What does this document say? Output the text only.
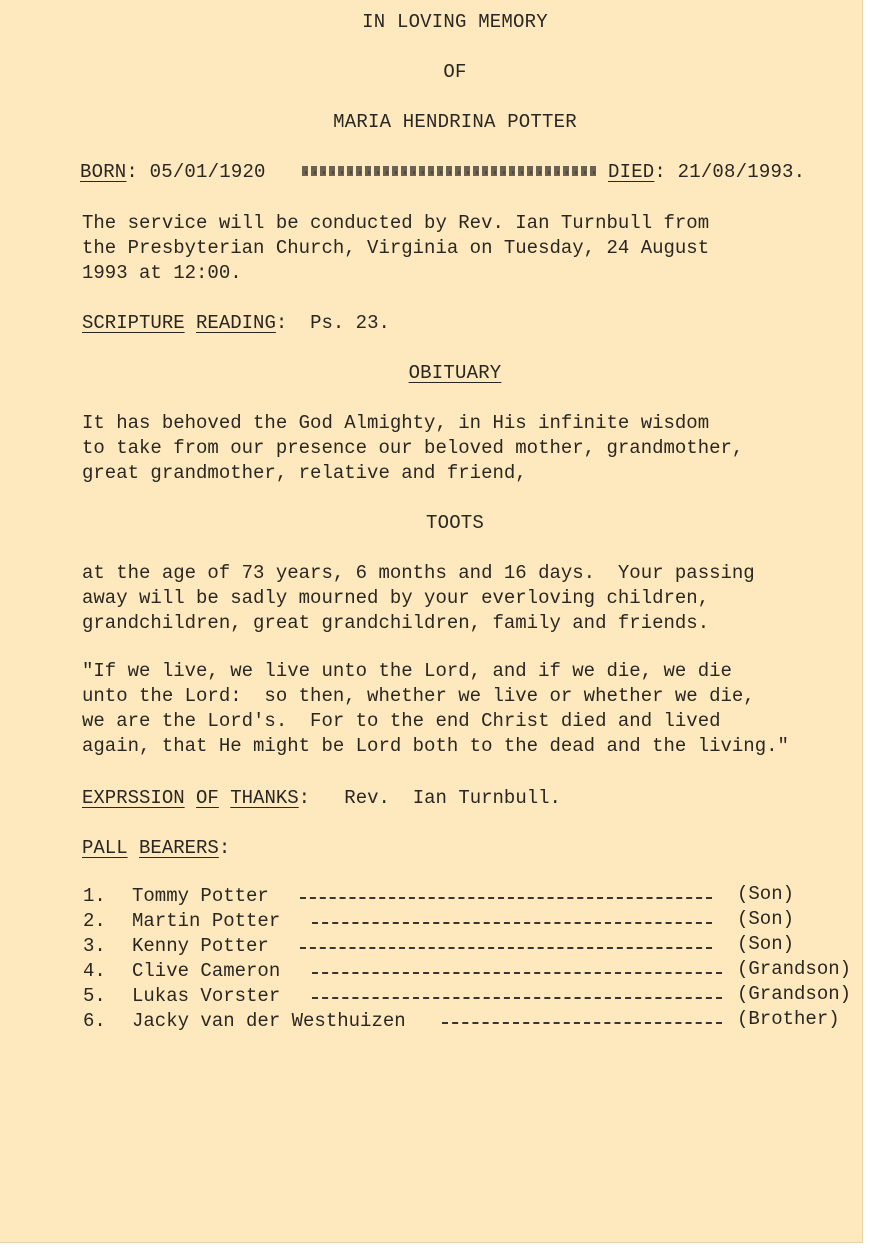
IN LOVING MEMORY
OF
MARIA HENDRINA POTTER
BORN: 05/01/1920	DIED: 21/08/1993.
The service will be conducted by Rev. Ian Turnbull from
the Presbyterian Church, Virginia on Tuesday, 24 August
1993 at 12:00.
SCRIPTURE READING: Ps. 23.
OBITUARY
It has behoved the God Almighty, in His infinite wisdom
to take from our presence our beloved mother, grandmother,
great grandmother, relative and friend,
TOOTS
at the age of 73 years, 6 months and 16 days.  Your passing
away will be sadly mourned by your everloving children,
grandchildren, great grandchildren, family and friends.
"If we live, we live unto the Lord, and if we die, we die
unto the Lord:  so then, whether we live or whether we die,
we are the Lord's.  For to the end Christ died and lived
again, that He might be Lord both to the dead and the living."
EXPRSSION OF THANKS: Rev.  Ian Turnbull.
PALL BEARERS:
1. Tommy Potter	(Son)
2. Martin Potter	(Son)
3. Kenny Potter	(Son)
4. Clive Cameron	(Grandson)
5. Lukas Vorster	(Grandson)
6. Jacky van der Westhuizen	(Brother)
